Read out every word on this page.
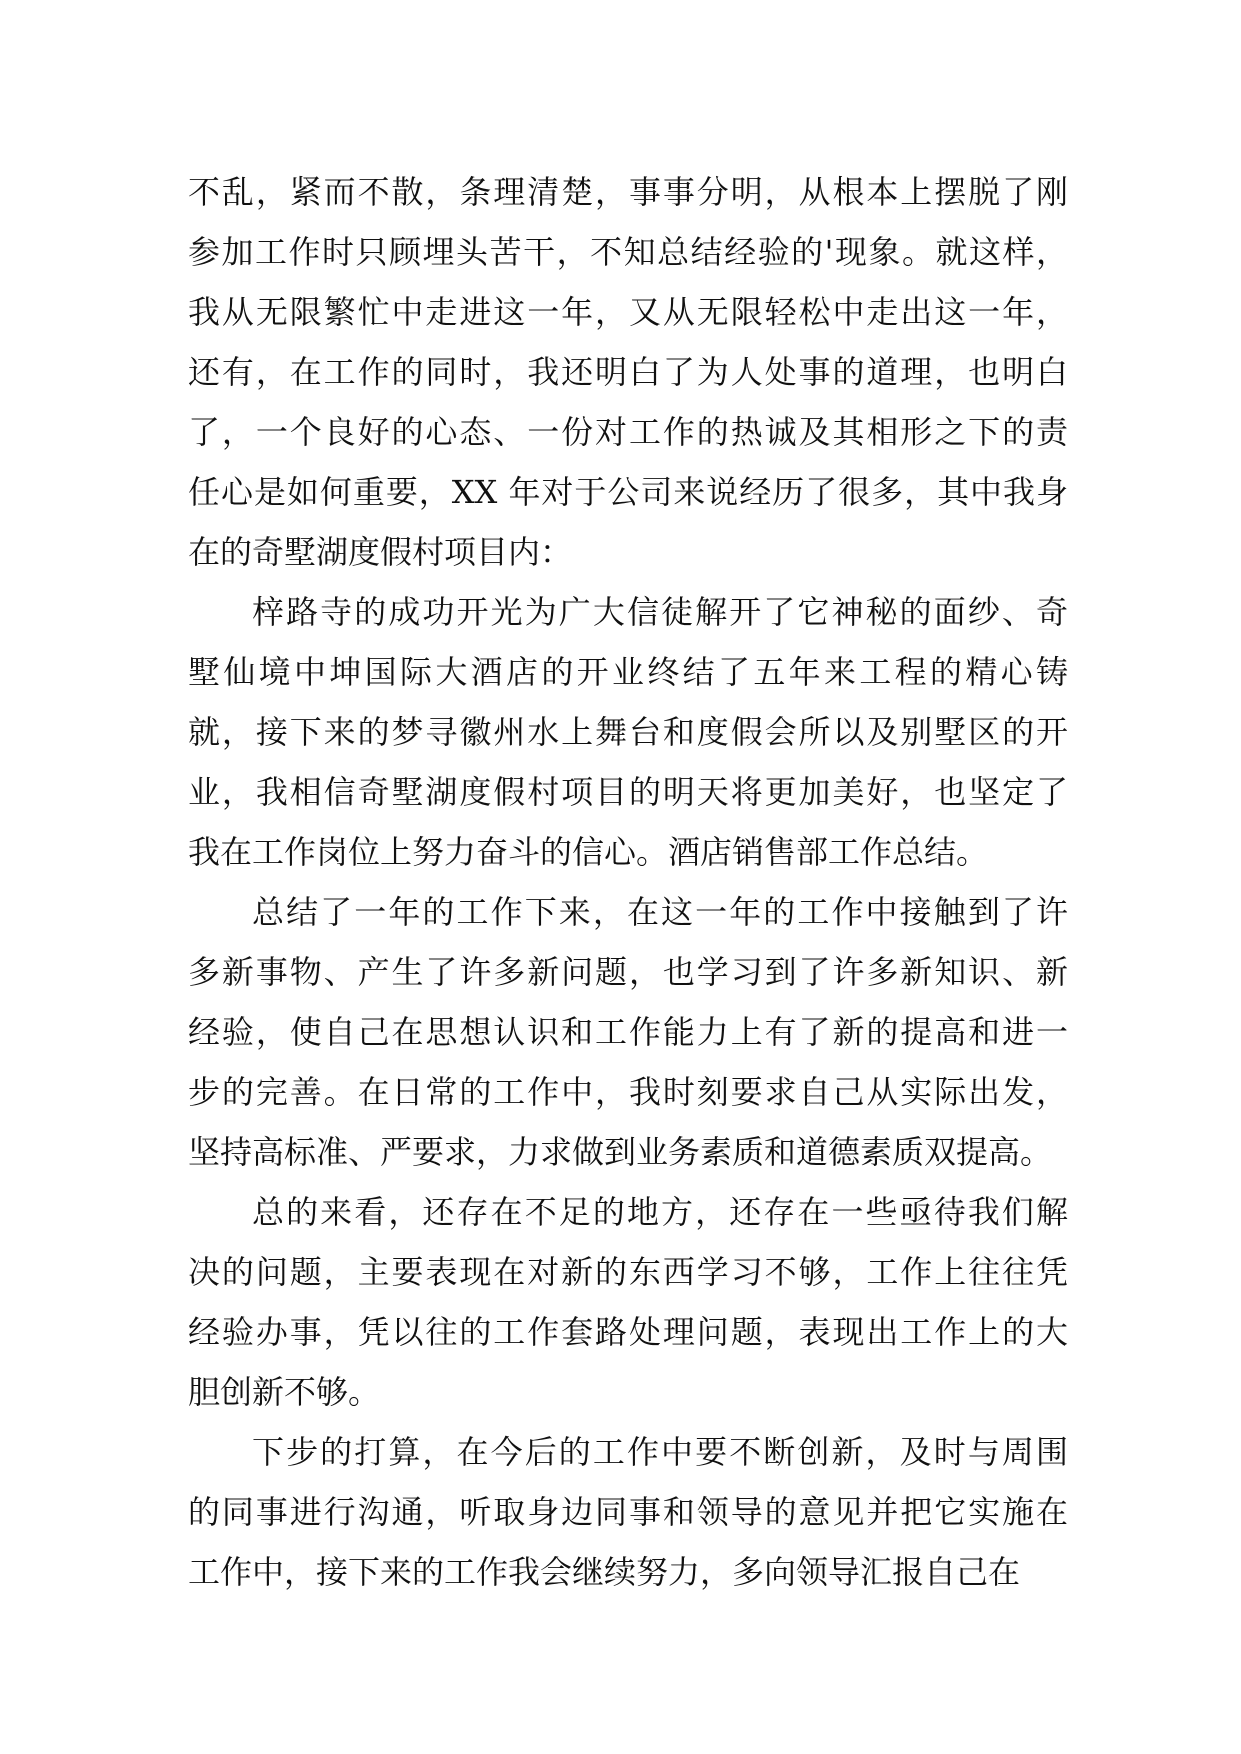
不乱，紧而不散，条理清楚，事事分明，从根本上摆脱了刚
参加工作时只顾埋头苦干，不知总结经验的'现象。就这样，
我从无限繁忙中走进这一年，又从无限轻松中走出这一年，
还有，在工作的同时，我还明白了为人处事的道理，也明白
了，一个良好的心态、一份对工作的热诚及其相形之下的责
任心是如何重要，XX 年对于公司来说经历了很多，其中我身
在的奇墅湖度假村项目内：
梓路寺的成功开光为广大信徒解开了它神秘的面纱、奇
墅仙境中坤国际大酒店的开业终结了五年来工程的精心铸
就，接下来的梦寻徽州水上舞台和度假会所以及别墅区的开
业，我相信奇墅湖度假村项目的明天将更加美好，也坚定了
我在工作岗位上努力奋斗的信心。酒店销售部工作总结。
总结了一年的工作下来，在这一年的工作中接触到了许
多新事物、产生了许多新问题，也学习到了许多新知识、新
经验，使自己在思想认识和工作能力上有了新的提高和进一
步的完善。在日常的工作中，我时刻要求自己从实际出发，
坚持高标准、严要求，力求做到业务素质和道德素质双提高。
总的来看，还存在不足的地方，还存在一些亟待我们解
决的问题，主要表现在对新的东西学习不够，工作上往往凭
经验办事，凭以往的工作套路处理问题，表现出工作上的大
胆创新不够。
下步的打算，在今后的工作中要不断创新，及时与周围
的同事进行沟通，听取身边同事和领导的意见并把它实施在
工作中，接下来的工作我会继续努力，多向领导汇报自己在
